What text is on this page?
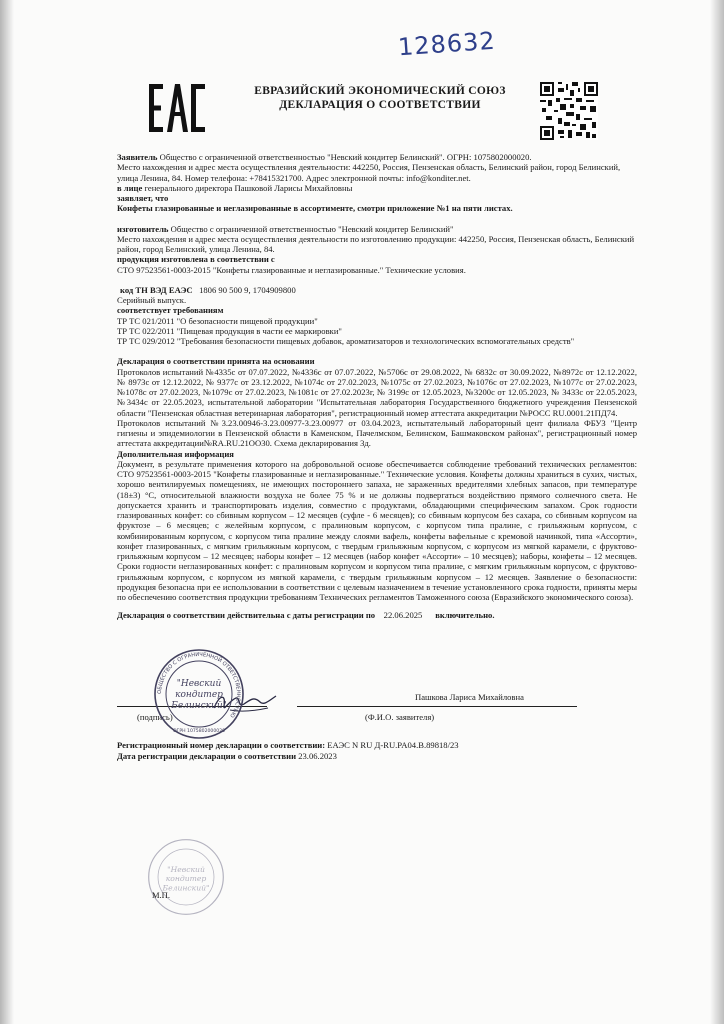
128632
ЕВРАЗИЙСКИЙ ЭКОНОМИЧЕСКИЙ СОЮЗ
ДЕКЛАРАЦИЯ О СООТВЕТСТВИИ

Заявитель Общество с ограниченной ответственностью "Невский кондитер Белинский". ОГРН: 1075802000020.

Место нахождения и адрес места осуществления деятельности: 442250, Россия, Пензенская область, Белинский район, город Белинский, улица Ленина, 84. Номер телефона: +78415321700. Адрес электронной почты: info@konditer.net.

в лице генерального директора Пашковой Ларисы Михайловны

заявляет, что

Конфеты глазированные и неглазированные в ассортименте, смотри приложение №1 на пяти листах.

изготовитель Общество с ограниченной ответственностью "Невский кондитер Белинский"

Место нахождения и адрес места осуществления деятельности по изготовлению продукции: 442250, Россия, Пензенская область, Белинский район, город Белинский, улица Ленина, 84.

продукция изготовлена в соответствии с

СТО 97523561-0003-2015 "Конфеты глазированные и неглазированные." Технические условия.

код ТН ВЭД ЕАЭС 1806 90 500 9, 1704909800

Серийный выпуск.

соответствует требованиям

ТР ТС 021/2011 "О безопасности пищевой продукции"

ТР ТС 022/2011 "Пищевая продукция в части ее маркировки"

ТР ТС 029/2012 "Требования безопасности пищевых добавок, ароматизаторов и технологических вспомогательных средств"

Декларация о соответствии принята на основании

Протоколов испытаний №4335с от 07.07.2022, №4336с от 07.07.2022, №5706с от 29.08.2022, № 6832с от 30.09.2022, №8972с от 12.12.2022, № 8973с от 12.12.2022, № 9377с от 23.12.2022, №1074с от 27.02.2023, №1075с от 27.02.2023, №1076с от 27.02.2023, №1077с от 27.02.2023, №1078с от 27.02.2023, №1079с от 27.02.2023, №1081с от 27.02.2023г, № 3199с от 12.05.2023, №3200с от 12.05.2023, № 3433с от 22.05.2023, №3434с от 22.05.2023, испытательной лаборатории "Испытательная лаборатория Государственного бюджетного учреждения Пензенской области "Пензенская областная ветеринарная лаборатория", регистрационный номер аттестата аккредитации №РОСС RU.0001.21ПД74.

Протоколов испытаний №3.23.00946-3.23.00977-3.23.00977 от 03.04.2023, испытательный лабораторный цент филиала ФБУЗ "Центр гигиены и эпидемиологии в Пензенской области в Каменском, Пачелмском, Белинском, Башмаковском районах", регистрационный номер аттестата аккредитации№RA.RU.21ОО30. Схема декларирования 3д.

Дополнительная информация

Документ, в результате применения которого на добровольной основе обеспечивается соблюдение требований технических регламентов: СТО 97523561-0003-2015 "Конфеты глазированные и неглазированные." Технические условия. Конфеты должны храниться в сухих, чистых, хорошо вентилируемых помещениях, не имеющих постороннего запаха, не зараженных вредителями хлебных запасов, при температуре (18±3) °С, относительной влажности воздуха не более 75 % и не должны подвергаться воздействию прямого солнечного света. Не допускается хранить и транспортировать изделия, совместно с продуктами, обладающими специфическим запахом. Срок годности глазированных конфет: со сбивным корпусом – 12 месяцев (суфле - 6 месяцев); со сбивным корпусом без сахара, со сбивным корпусом на фруктозе – 6 месяцев; с желейным корпусом, с пралиновым корпусом, с корпусом типа пралине, с грильяжным корпусом, с комбинированным корпусом, с корпусом типа пралине между слоями вафель, конфеты вафельные с кремовой начинкой, типа «Ассорти», конфет глазированных, с мягким грильяжным корпусом, с твердым грильяжным корпусом, с корпусом из мягкой карамели, с фруктово-грильяжным корпусом – 12 месяцев; наборы конфет – 12 месяцев (набор конфет «Ассорти» – 10 месяцев); наборы, конфеты – 12 месяцев. Сроки годности неглазированных конфет: с пралиновым корпусом и корпусом типа пралине, с мягким грильяжным корпусом, с фруктово-грильяжным корпусом, с корпусом из мягкой карамели, с твердым грильяжным корпусом – 12 месяцев. Заявление о безопасности: продукция безопасна при ее использовании в соответствии с целевым назначением в течение установленного срока годности, приняты меры по обеспечению соответствия продукции требованиям Технических регламентов Таможенного союза (Евразийского экономического союза).

Декларация о соответствии действительна с даты регистрации по 22.06.2025 включительно.

Пашкова Лариса Михайловна
(подпись)	(Ф.И.О. заявителя)
ОБЩЕСТВО С ОГРАНИЧЕННОЙ ОТВЕТСТВЕННОСТЬЮ
"Невский
кондитер
Белинский"
ОГРН 1075802000020

Регистрационный номер декларации о соответствии: ЕАЭС N RU Д-RU.PA04.B.89818/23

Дата регистрации декларации о соответствии 23.06.2023

"Невский
кондитер
Белинский"
М.П.
